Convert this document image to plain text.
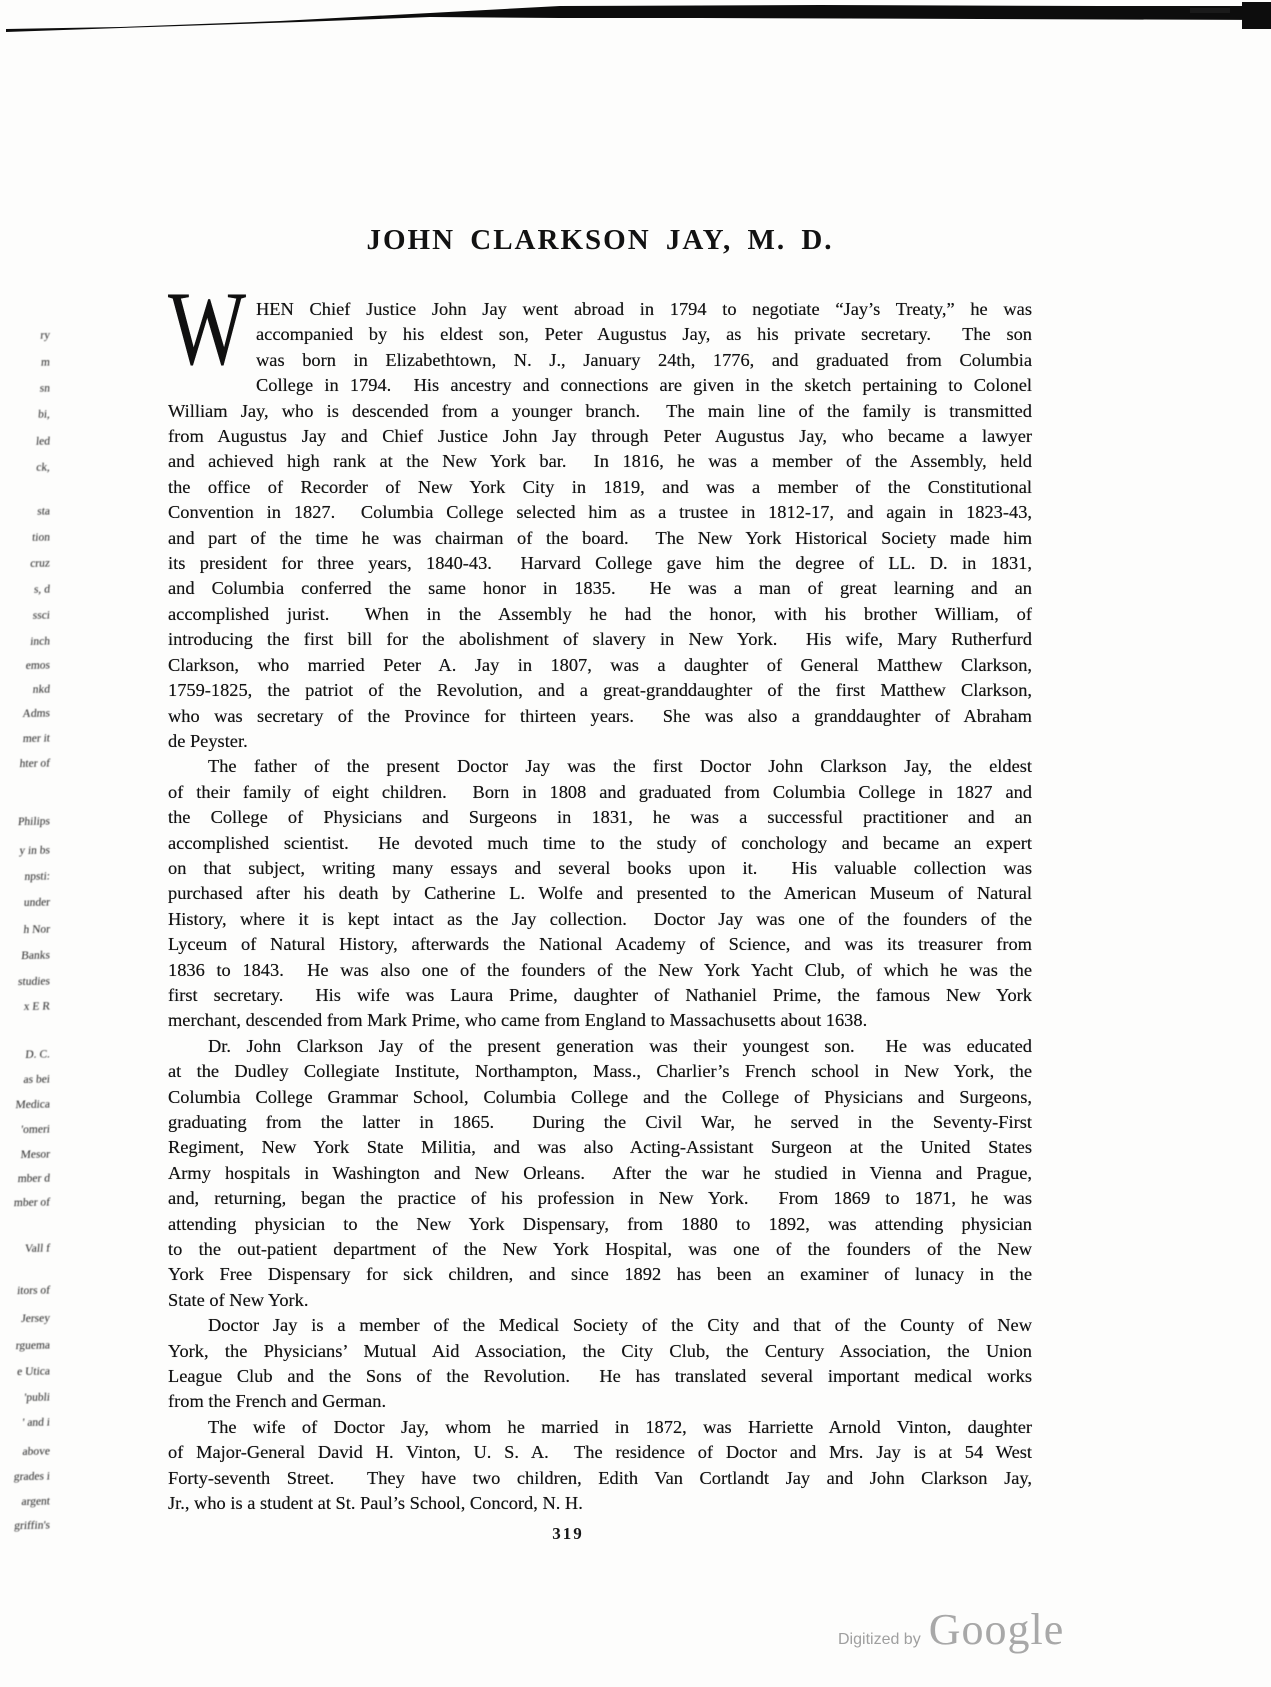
JOHN CLARKSON JAY, M. D.
W HEN Chief Justice John Jay went abroad in 1794 to negotiate “Jay’s Treaty,” he was
accompanied by his eldest son, Peter Augustus Jay, as his private secretary.  The son
was born in Elizabethtown, N. J., January 24th, 1776, and graduated from Columbia
College in 1794.  His ancestry and connections are given in the sketch pertaining to Colonel
William Jay, who is descended from a younger branch.  The main line of the family is transmitted
from Augustus Jay and Chief Justice John Jay through Peter Augustus Jay, who became a lawyer
and achieved high rank at the New York bar.  In 1816, he was a member of the Assembly, held
the office of Recorder of New York City in 1819, and was a member of the Constitutional
Convention in 1827.  Columbia College selected him as a trustee in 1812-17, and again in 1823-43,
and part of the time he was chairman of the board.  The New York Historical Society made him
its president for three years, 1840-43.  Harvard College gave him the degree of LL. D. in 1831,
and Columbia conferred the same honor in 1835.  He was a man of great learning and an
accomplished jurist.  When in the Assembly he had the honor, with his brother William, of
introducing the first bill for the abolishment of slavery in New York.  His wife, Mary Rutherfurd
Clarkson, who married Peter A. Jay in 1807, was a daughter of General Matthew Clarkson,
1759-1825, the patriot of the Revolution, and a great-granddaughter of the first Matthew Clarkson,
who was secretary of the Province for thirteen years.  She was also a granddaughter of Abraham
de Peyster.
The father of the present Doctor Jay was the first Doctor John Clarkson Jay, the eldest
of their family of eight children.  Born in 1808 and graduated from Columbia College in 1827 and
the College of Physicians and Surgeons in 1831, he was a successful practitioner and an
accomplished scientist.  He devoted much time to the study of conchology and became an expert
on that subject, writing many essays and several books upon it.  His valuable collection was
purchased after his death by Catherine L. Wolfe and presented to the American Museum of Natural
History, where it is kept intact as the Jay collection.  Doctor Jay was one of the founders of the
Lyceum of Natural History, afterwards the National Academy of Science, and was its treasurer from
1836 to 1843.  He was also one of the founders of the New York Yacht Club, of which he was the
first secretary.  His wife was Laura Prime, daughter of Nathaniel Prime, the famous New York
merchant, descended from Mark Prime, who came from England to Massachusetts about 1638.
Dr. John Clarkson Jay of the present generation was their youngest son.  He was educated
at the Dudley Collegiate Institute, Northampton, Mass., Charlier’s French school in New York, the
Columbia College Grammar School, Columbia College and the College of Physicians and Surgeons,
graduating from the latter in 1865.  During the Civil War, he served in the Seventy-First
Regiment, New York State Militia, and was also Acting-Assistant Surgeon at the United States
Army hospitals in Washington and New Orleans.  After the war he studied in Vienna and Prague,
and, returning, began the practice of his profession in New York.  From 1869 to 1871, he was
attending physician to the New York Dispensary, from 1880 to 1892, was attending physician
to the out-patient department of the New York Hospital, was one of the founders of the New
York Free Dispensary for sick children, and since 1892 has been an examiner of lunacy in the
State of New York.
Doctor Jay is a member of the Medical Society of the City and that of the County of New
York, the Physicians’ Mutual Aid Association, the City Club, the Century Association, the Union
League Club and the Sons of the Revolution.  He has translated several important medical works
from the French and German.
The wife of Doctor Jay, whom he married in 1872, was Harriette Arnold Vinton, daughter
of Major-General David H. Vinton, U. S. A.  The residence of Doctor and Mrs. Jay is at 54 West
Forty-seventh Street.  They have two children, Edith Van Cortlandt Jay and John Clarkson Jay,
Jr., who is a student at St. Paul’s School, Concord, N. H.
ry
m
sn
bi,
led
ck,
sta
tion
cruz
s, d
ssci
inch
emos
nkd
Adms
mer it
hter of
Philips
y in bs
npsti:
under
h Nor
Banks
studies
x E R
D. C.
as bei
Medica
'omeri
Mesor
mber d
mber of
Vall f
itors of
Jersey
rguema
e Utica
'publi
' and i
above
grades i
argent
griffin's	319
Digitized by Google
